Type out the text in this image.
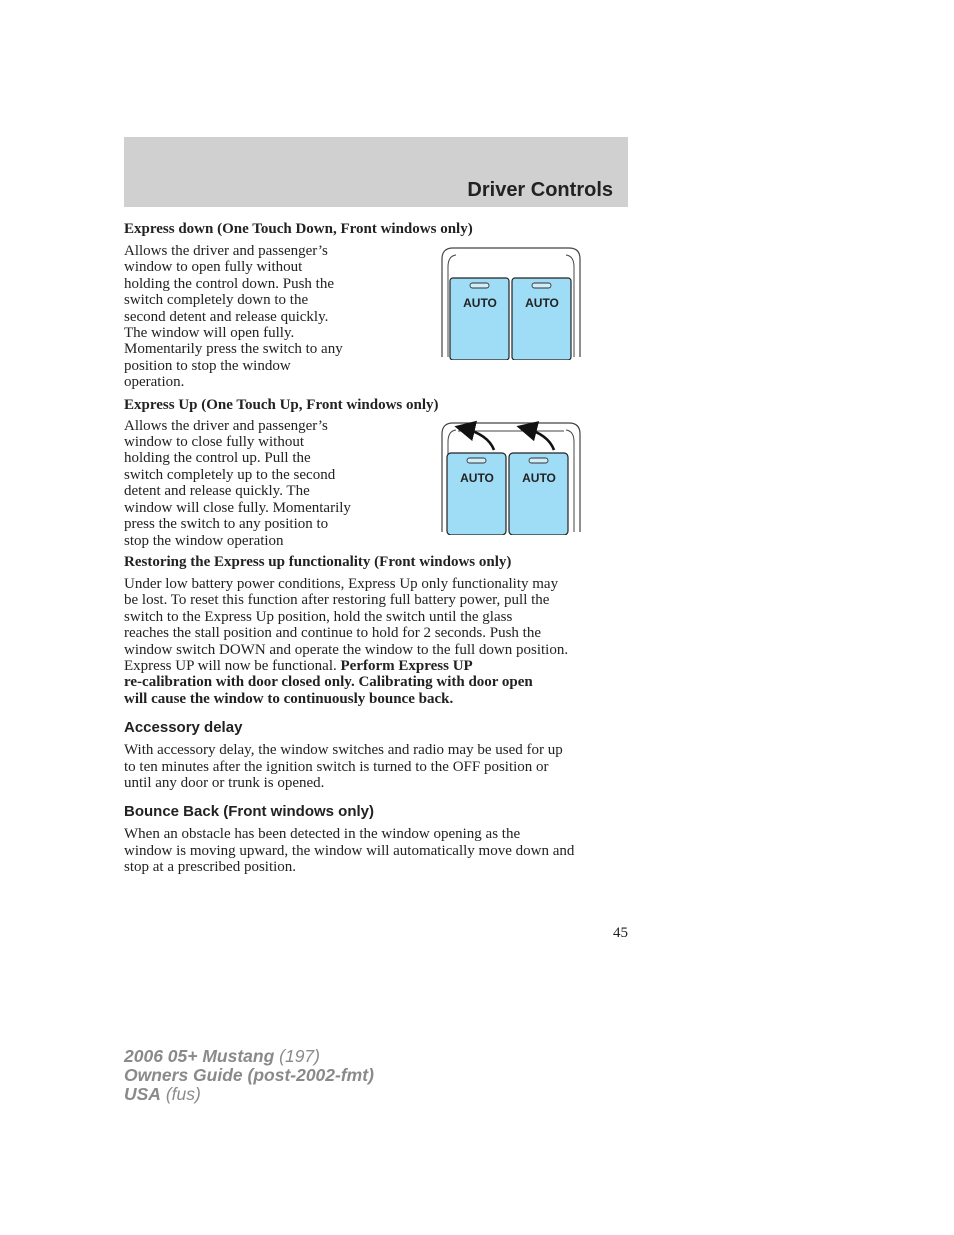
Driver Controls

Express down (One Touch Down, Front windows only)

Allows the driver and passenger’s

window to open fully without

holding the control down. Push the

switch completely down to the

second detent and release quickly.

The window will open fully.

Momentarily press the switch to any

position to stop the window

operation.

AUTO AUTO

Express Up (One Touch Up, Front windows only)

Allows the driver and passenger’s

window to close fully without

holding the control up. Pull the

switch completely up to the second

detent and release quickly. The

window will close fully. Momentarily

press the switch to any position to

stop the window operation

AUTO AUTO

Restoring the Express up functionality (Front windows only)

Under low battery power conditions, Express Up only functionality may

be lost. To reset this function after restoring full battery power, pull the

switch to the Express Up position, hold the switch until the glass

reaches the stall position and continue to hold for 2 seconds. Push the

window switch DOWN and operate the window to the full down position.

Express UP will now be functional. Perform Express UP

re-calibration with door closed only. Calibrating with door open

will cause the window to continuously bounce back.

Accessory delay

With accessory delay, the window switches and radio may be used for up

to ten minutes after the ignition switch is turned to the OFF position or

until any door or trunk is opened.

Bounce Back (Front windows only)

When an obstacle has been detected in the window opening as the

window is moving upward, the window will automatically move down and

stop at a prescribed position.

45
2006 05+ Mustang (197)
Owners Guide (post-2002-fmt)
USA (fus)
